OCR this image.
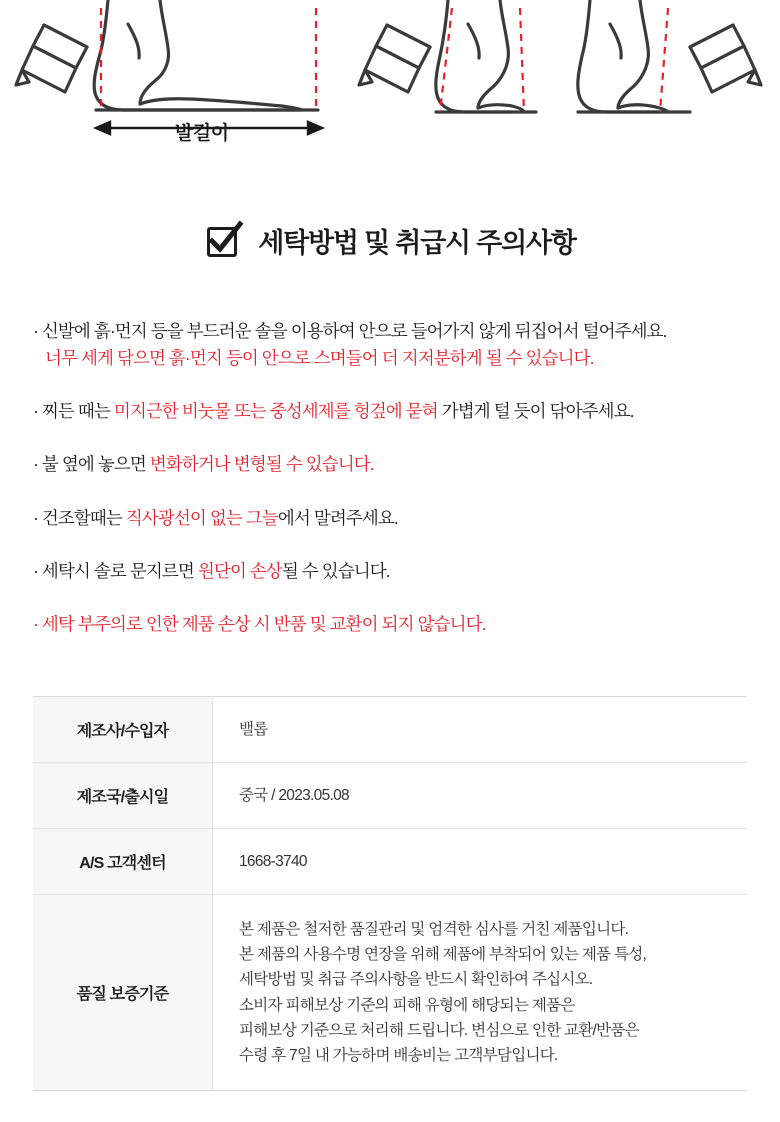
발길이
세탁방법 및 취급시 주의사항
· 신발에 흙·먼지 등을 부드러운 솔을 이용하여 안으로 들어가지 않게 뒤집어서 털어주세요.
너무 세게 닦으면 흙·먼지 등이 안으로 스며들어 더 지저분하게 될 수 있습니다.
· 찌든 때는 미지근한 비눗물 또는 중성세제를 헝겊에 묻혀 가볍게 털 듯이 닦아주세요.
· 불 옆에 놓으면 변화하거나 변형될 수 있습니다.
· 건조할때는 직사광선이 없는 그늘에서 말려주세요.
· 세탁시 솔로 문지르면 원단이 손상될 수 있습니다.
· 세탁 부주의로 인한 제품 손상 시 반품 및 교환이 되지 않습니다.
제조사/수입자	밸롭
제조국/출시일	중국 / 2023.05.08
A/S 고객센터	1668-3740
품질 보증기준	
본 제품은 철저한 품질관리 및 엄격한 심사를 거친 제품입니다.
본 제품의 사용수명 연장을 위해 제품에 부착되어 있는 제품 특성,
세탁방법 및 취급 주의사항을 반드시 확인하여 주십시오.
소비자 피해보상 기준의 피해 유형에 해당되는 제품은
피해보상 기준으로 처리해 드립니다. 변심으로 인한 교환/반품은
수령 후 7일 내 가능하며 배송비는 고객부담입니다.
